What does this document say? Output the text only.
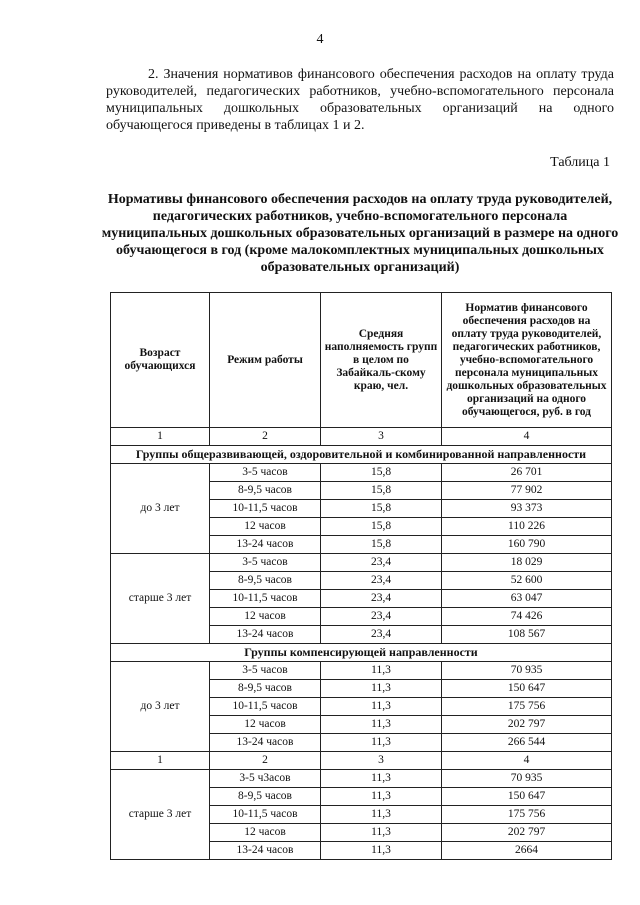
4
2. Значения нормативов финансового обеспечения расходов на оплату труда руководителей, педагогических работников, учебно-вспомогательного персонала муниципальных дошкольных образовательных организаций на одного обучающегося приведены в таблицах 1 и 2.
Таблица 1
Нормативы финансового обеспечения расходов на оплату труда руководителей, педагогических работников, учебно-вспомогательного персонала муниципальных дошкольных образовательных организаций в размере на одного обучающегося в год (кроме малокомплектных муниципальных дошкольных образовательных организаций)
Возраст обучающихся	Режим работы	Средняя наполняемость групп в целом по Забайкаль-скому краю, чел.	Норматив финансового обеспечения расходов на оплату труда руководителей, педагогических работников, учебно-вспомогательного персонала муниципальных дошкольных образовательных организаций на одного обучающегося, руб. в год
1	2	3	4
Группы общеразвивающей, оздоровительной и комбинированной направленности			
до 3 лет	3-5 часов	15,8	26 701
	8-9,5 часов	15,8	77 902
	10-11,5 часов	15,8	93 373
	12 часов	15,8	110 226
	13-24 часов	15,8	160 790
старше 3 лет	3-5 часов	23,4	18 029
	8-9,5 часов	23,4	52 600
	10-11,5 часов	23,4	63 047
	12 часов	23,4	74 426
	13-24 часов	23,4	108 567
Группы компенсирующей направленности			
до 3 лет	3-5 часов	11,3	70 935
	8-9,5 часов	11,3	150 647
	10-11,5 часов	11,3	175 756
	12 часов	11,3	202 797
	13-24 часов	11,3	266 544
1	2	3	4
старше 3 лет	3-5 ч3асов	11,3	70 935
	8-9,5 часов	11,3	150 647
	10-11,5 часов	11,3	175 756
	12 часов	11,3	202 797
	13-24 часов	11,3	2664
